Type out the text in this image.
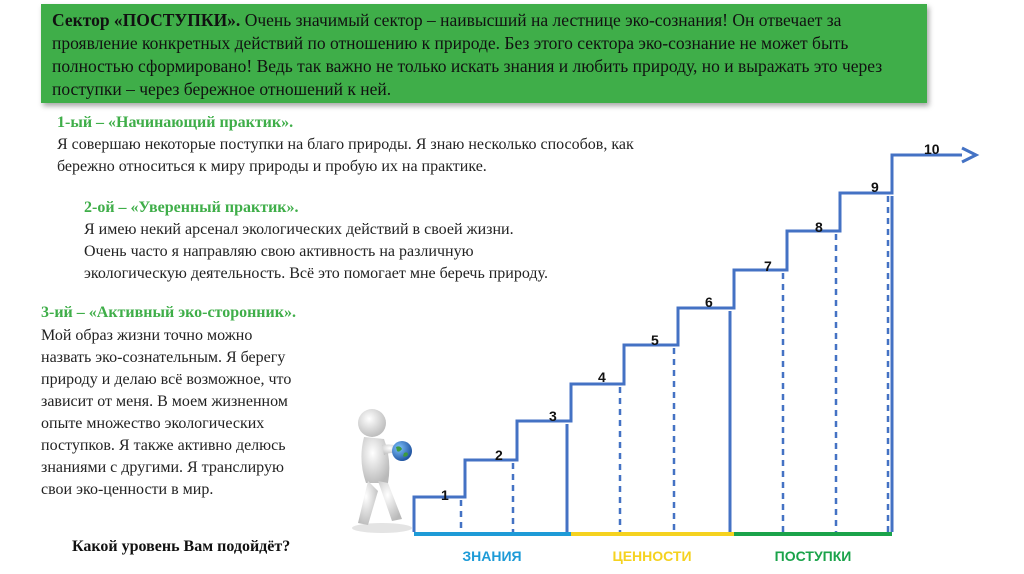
Сектор «ПОСТУПКИ». Очень значимый сектор – наивысший на лестнице эко-сознания! Он отвечает за проявление конкретных действий по отношению к природе. Без этого сектора эко-сознание не может быть полностью сформировано! Ведь так важно не только искать знания и любить природу, но и выражать это через поступки – через бережное отношений к ней.
1-ый – «Начинающий практик».
Я совершаю некоторые поступки на благо природы. Я знаю несколько способов, как
бережно относиться к миру природы и пробую их на практике.
2-ой – «Уверенный практик».
Я имею некий арсенал экологических действий в своей жизни.
Очень часто я направляю свою активность на различную
экологическую деятельность. Всё это помогает мне беречь природу.
3-ий – «Активный эко-сторонник».
Мой образ жизни точно можно
назвать эко-сознательным. Я берегу
природу и делаю всё возможное, что
зависит от меня. В моем жизненном
опыте множество экологических
поступков. Я также активно делюсь
знаниями с другими. Я транслирую
свои эко-ценности в мир.
Какой уровень Вам подойдёт?
1
2
3
4
5
6
7
8
9
10
ЗНАНИЯ	ЦЕННОСТИ	ПОСТУПКИ
